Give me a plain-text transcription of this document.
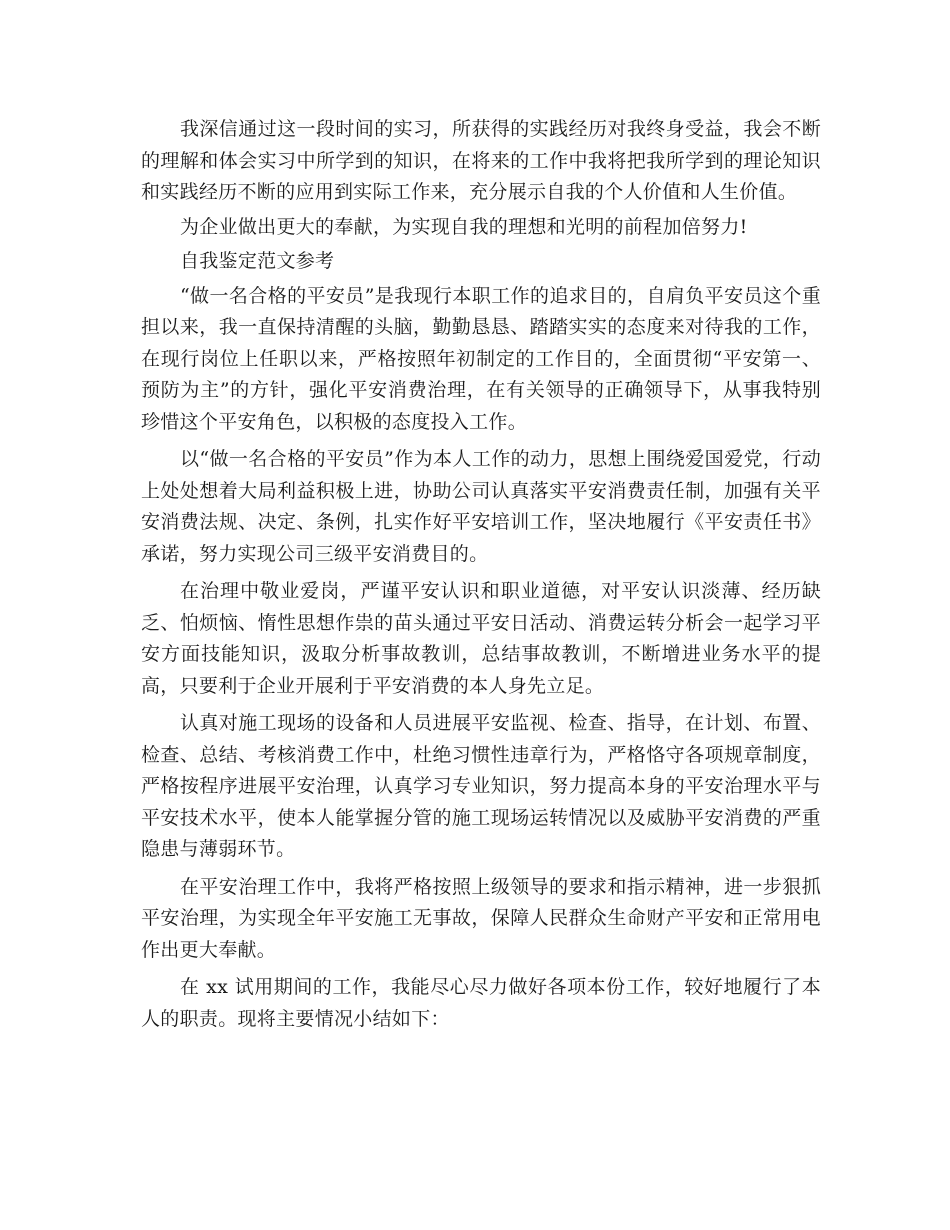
我深信通过这一段时间的实习，所获得的实践经历对我终身受益，我会不断的理解和体会实习中所学到的知识，在将来的工作中我将把我所学到的理论知识和实践经历不断的应用到实际工作来，充分展示自我的个人价值和人生价值。

为企业做出更大的奉献，为实现自我的理想和光明的前程加倍努力!

自我鉴定范文参考

“做一名合格的平安员”是我现行本职工作的追求目的，自肩负平安员这个重担以来，我一直保持清醒的头脑，勤勤恳恳、踏踏实实的态度来对待我的工作，在现行岗位上任职以来，严格按照年初制定的工作目的，全面贯彻“平安第一、预防为主”的方针，强化平安消费治理，在有关领导的正确领导下，从事我特别珍惜这个平安角色，以积极的态度投入工作。

以“做一名合格的平安员”作为本人工作的动力，思想上围绕爱国爱党，行动上处处想着大局利益积极上进，协助公司认真落实平安消费责任制，加强有关平安消费法规、决定、条例，扎实作好平安培训工作，坚决地履行《平安责任书》承诺，努力实现公司三级平安消费目的。

在治理中敬业爱岗，严谨平安认识和职业道德，对平安认识淡薄、经历缺乏、怕烦恼、惰性思想作祟的苗头通过平安日活动、消费运转分析会一起学习平安方面技能知识，汲取分析事故教训，总结事故教训，不断增进业务水平的提高，只要利于企业开展利于平安消费的本人身先立足。

认真对施工现场的设备和人员进展平安监视、检查、指导，在计划、布置、检查、总结、考核消费工作中，杜绝习惯性违章行为，严格恪守各项规章制度，严格按程序进展平安治理，认真学习专业知识，努力提高本身的平安治理水平与平安技术水平，使本人能掌握分管的施工现场运转情况以及威胁平安消费的严重隐患与薄弱环节。

在平安治理工作中，我将严格按照上级领导的要求和指示精神，进一步狠抓平安治理，为实现全年平安施工无事故，保障人民群众生命财产平安和正常用电作出更大奉献。

在 xx 试用期间的工作，我能尽心尽力做好各项本份工作，较好地履行了本人的职责。现将主要情况小结如下：
